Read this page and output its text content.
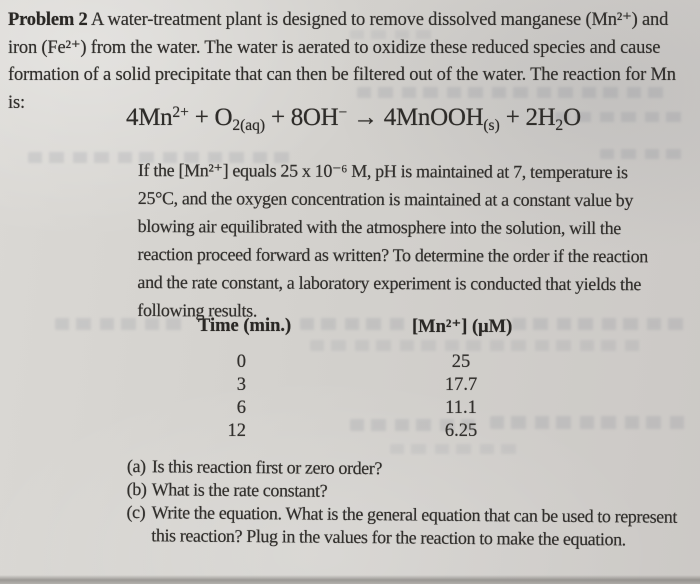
Problem 2 A water-treatment plant is designed to remove dissolved manganese (Mn²⁺) and iron (Fe²⁺) from the water. The water is aerated to oxidize these reduced species and cause formation of a solid precipitate that can then be filtered out of the water. The reaction for Mn is:

$4Mn^{2+} + O_{2(aq)} + 8OH^-$ → 4MnOOH$_{(s)}$ + $2H_2O$

If the [Mn²⁺] equals 25 x 10⁻⁶ M, pH is maintained at 7, temperature is 25°C, and the oxygen concentration is maintained at a constant value by blowing air equilibrated with the atmosphere into the solution, will the reaction proceed forward as written? To determine the order if the reaction and the rate constant, a laboratory experiment is conducted that yields the following results.

Time (min.)	[Mn²⁺] (μM)
0	25
3	17.7
6	11.1
12	6.25
(a) Is this reaction first or zero order?
(b) What is the rate constant?
(c) Write the equation. What is the general equation that can be used to represent this reaction? Plug in the values for the reaction to make the equation.
